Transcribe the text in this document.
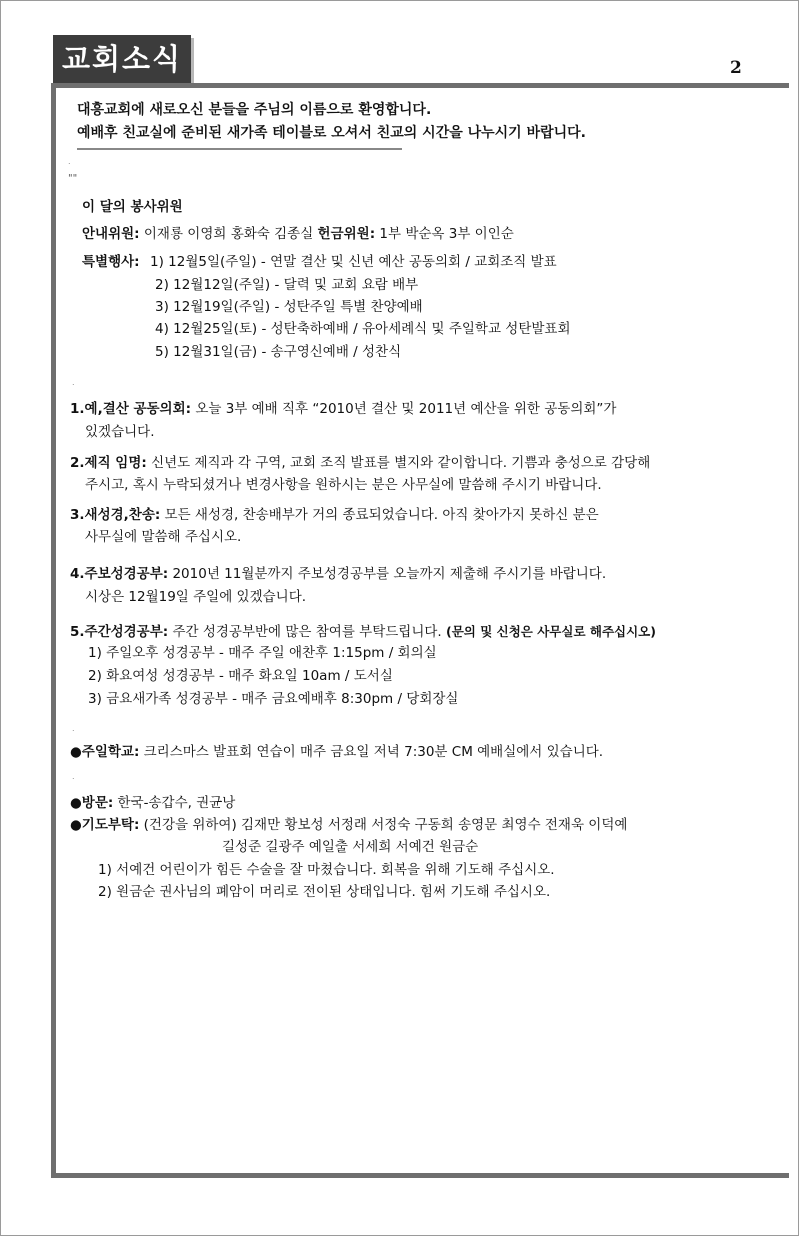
교회소식	2
대흥교회에 새로오신 분들을 주님의 이름으로 환영합니다.
예배후 친교실에 준비된 새가족 테이블로 오셔서 친교의 시간을 나누시기 바랍니다.
.
""
이 달의 봉사위원
안내위원: 이재룡 이영희 홍화숙 김종실 헌금위원: 1부 박순옥 3부 이인순
특별행사: 1) 12월5일(주일) - 연말 결산 및 신년 예산 공동의회 / 교회조직 발표
2) 12월12일(주일) - 달력 및 교회 요람 배부
3) 12월19일(주일) - 성탄주일 특별 찬양예배
4) 12월25일(토) - 성탄축하예배 / 유아세례식 및 주일학교 성탄발표회
5) 12월31일(금) - 송구영신예배 / 성찬식
.
1.예,결산 공동의회: 오늘 3부 예배 직후 “2010년 결산 및 2011년 예산을 위한 공동의회”가
있겠습니다.
2.제직 임명: 신년도 제직과 각 구역, 교회 조직 발표를 별지와 같이합니다. 기쁨과 충성으로 감당해
주시고, 혹시 누락되셨거나 변경사항을 원하시는 분은 사무실에 말씀해 주시기 바랍니다.
3.새성경,찬송: 모든 새성경, 찬송배부가 거의 종료되었습니다. 아직 찾아가지 못하신 분은
사무실에 말씀해 주십시오.
4.주보성경공부: 2010년 11월분까지 주보성경공부를 오늘까지 제출해 주시기를 바랍니다.
시상은 12월19일 주일에 있겠습니다.
5.주간성경공부: 주간 성경공부반에 많은 참여를 부탁드립니다. (문의 및 신청은 사무실로 해주십시오)
1) 주일오후 성경공부 - 매주 주일 애찬후 1:15pm / 회의실
2) 화요여성 성경공부 - 매주 화요일 10am / 도서실
3) 금요새가족 성경공부 - 매주 금요예배후 8:30pm / 당회장실
.
●주일학교: 크리스마스 발표회 연습이 매주 금요일 저녁 7:30분 CM 예배실에서 있습니다.
.
●방문: 한국-송갑수, 권균낭
●기도부탁: (건강을 위하여) 김재만 황보성 서정래 서정숙 구동희 송영문 최영수 전재욱 이덕예
길성준 길광주 예일출 서세희 서예건 원금순
1) 서예건 어린이가 힘든 수술을 잘 마쳤습니다. 회복을 위해 기도해 주십시오.
2) 원금순 권사님의 폐암이 머리로 전이된 상태입니다. 힘써 기도해 주십시오.
